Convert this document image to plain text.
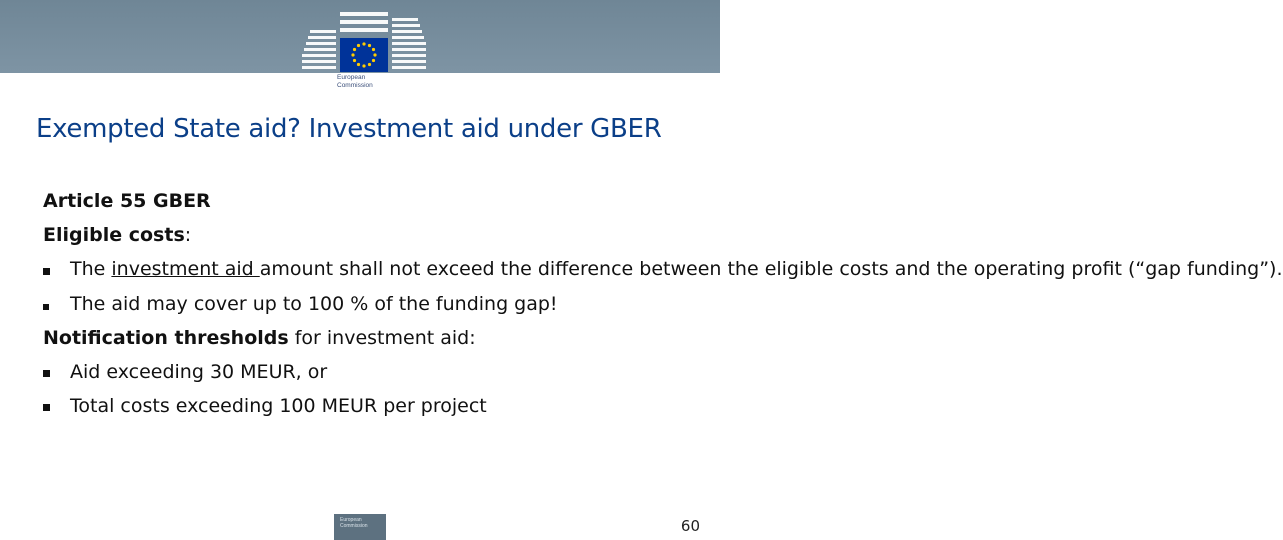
European
Commission
Exempted State aid? Investment aid under GBER
Article 55 GBER
Eligible costs:
The investment aid amount shall not exceed the difference between the eligible costs and the operating profit (“gap funding”).
The aid may cover up to 100 % of the funding gap!
Notification thresholds for investment aid:
Aid exceeding 30 MEUR, or
Total costs exceeding 100 MEUR per project
European Commission	60
